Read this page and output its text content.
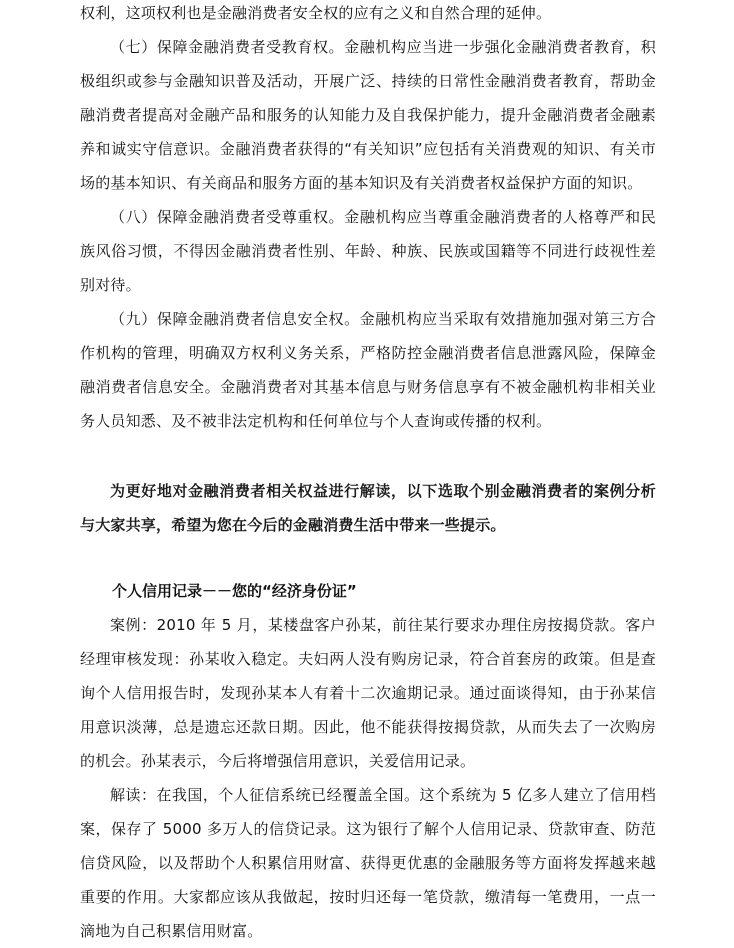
权利，这项权利也是金融消费者安全权的应有之义和自然合理的延伸。

（七）保障金融消费者受教育权。金融机构应当进一步强化金融消费者教育，积极组织或参与金融知识普及活动，开展广泛、持续的日常性金融消费者教育，帮助金融消费者提高对金融产品和服务的认知能力及自我保护能力，提升金融消费者金融素养和诚实守信意识。金融消费者获得的“有关知识”应包括有关消费观的知识、有关市场的基本知识、有关商品和服务方面的基本知识及有关消费者权益保护方面的知识。

（八）保障金融消费者受尊重权。金融机构应当尊重金融消费者的人格尊严和民族风俗习惯，不得因金融消费者性别、年龄、种族、民族或国籍等不同进行歧视性差别对待。

（九）保障金融消费者信息安全权。金融机构应当采取有效措施加强对第三方合作机构的管理，明确双方权利义务关系，严格防控金融消费者信息泄露风险，保障金融消费者信息安全。金融消费者对其基本信息与财务信息享有不被金融机构非相关业务人员知悉、及不被非法定机构和任何单位与个人查询或传播的权利。

为更好地对金融消费者相关权益进行解读，以下选取个别金融消费者的案例分析与大家共享，希望为您在今后的金融消费生活中带来一些提示。

个人信用记录－－您的“经济身份证”

案例：2010 年 5 月，某楼盘客户孙某，前往某行要求办理住房按揭贷款。客户经理审核发现：孙某收入稳定。夫妇两人没有购房记录，符合首套房的政策。但是查询个人信用报告时，发现孙某本人有着十二次逾期记录。通过面谈得知，由于孙某信用意识淡薄，总是遗忘还款日期。因此，他不能获得按揭贷款，从而失去了一次购房的机会。孙某表示，今后将增强信用意识，关爱信用记录。

解读：在我国，个人征信系统已经覆盖全国。这个系统为 5 亿多人建立了信用档案，保存了 5000 多万人的信贷记录。这为银行了解个人信用记录、贷款审查、防范信贷风险，以及帮助个人积累信用财富、获得更优惠的金融服务等方面将发挥越来越重要的作用。大家都应该从我做起，按时归还每一笔贷款，缴清每一笔费用，一点一滴地为自己积累信用财富。
